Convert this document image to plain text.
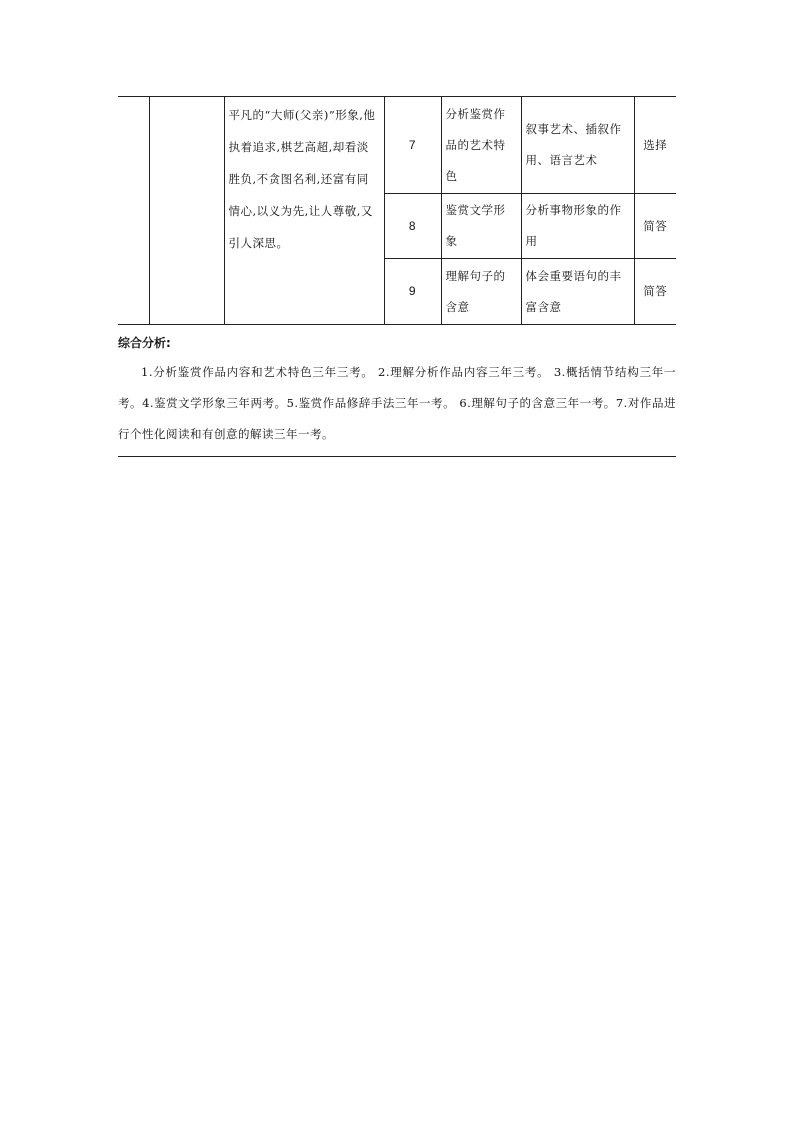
		平凡的“大师(父亲)”形象,他执着追求,棋艺高超,却看淡胜负,不贪图名利,还富有同情心,以义为先,让人尊敬,又引人深思。	7	分析鉴赏作品的艺术特色	叙事艺术、插叙作用、语言艺术	选择
			8	鉴赏文学形象	分析事物形象的作用	简答
			9	理解句子的含意	体会重要语句的丰富含意	简答
综合分析:
1.分析鉴赏作品内容和艺术特色三年三考。 2.理解分析作品内容三年三考。 3.概括情节结构三年一考。4.鉴赏文学形象三年两考。5.鉴赏作品修辞手法三年一考。 6.理解句子的含意三年一考。7.对作品进行个性化阅读和有创意的解读三年一考。
